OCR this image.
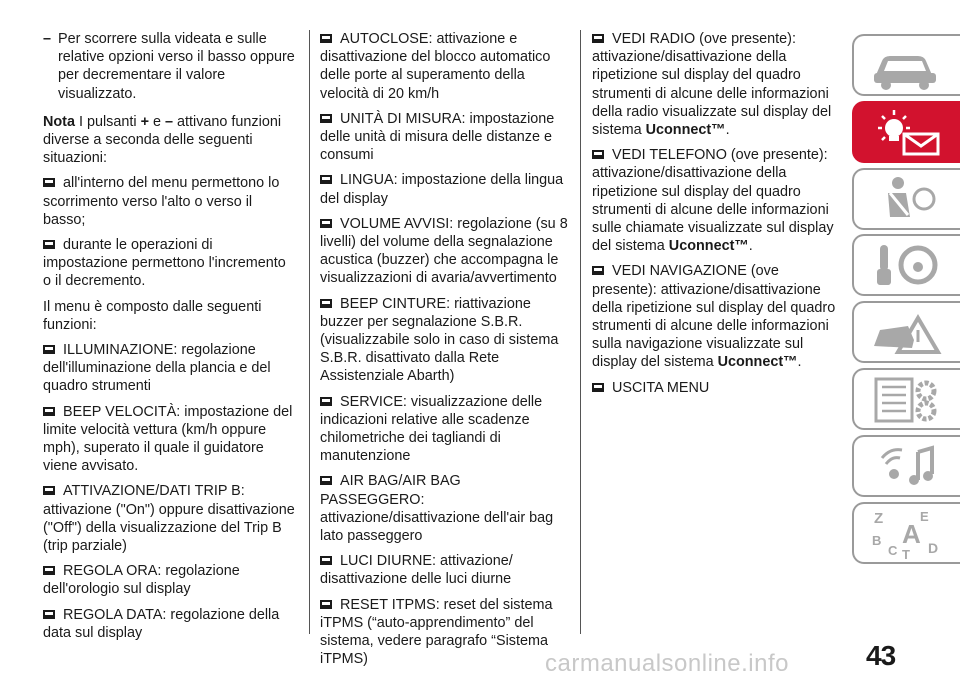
– Per scorrere sulla videata e sulle relative opzioni verso il basso oppure per decrementare il valore visualizzato.

Nota I pulsanti + e – attivano funzioni diverse a seconda delle seguenti situazioni:

all'interno del menu permettono lo scorrimento verso l'alto o verso il basso;

durante le operazioni di impostazione permettono l'incremento o il decremento.

Il menu è composto dalle seguenti funzioni:

ILLUMINAZIONE: regolazione dell'illuminazione della plancia e del quadro strumenti

BEEP VELOCITÀ: impostazione del limite velocità vettura (km/h oppure mph), superato il quale il guidatore viene avvisato.

ATTIVAZIONE/DATI TRIP B: attivazione ("On") oppure disattivazione ("Off") della visualizzazione del Trip B (trip parziale)

REGOLA ORA: regolazione dell'orologio sul display

REGOLA DATA: regolazione della data sul display

AUTOCLOSE: attivazione e disattivazione del blocco automatico delle porte al superamento della velocità di 20 km/h

UNITÀ DI MISURA: impostazione delle unità di misura delle distanze e consumi

LINGUA: impostazione della lingua del display

VOLUME AVVISI: regolazione (su 8 livelli) del volume della segnalazione acustica (buzzer) che accompagna le visualizzazioni di avaria/avvertimento

BEEP CINTURE: riattivazione buzzer per segnalazione S.B.R. (visualizzabile solo in caso di sistema S.B.R. disattivato dalla Rete Assistenziale Abarth)

SERVICE: visualizzazione delle indicazioni relative alle scadenze chilometriche dei tagliandi di manutenzione

AIR BAG/AIR BAG PASSEGGERO: attivazione/disattivazione dell'air bag lato passeggero

LUCI DIURNE: attivazione/ disattivazione delle luci diurne

RESET ITPMS: reset del sistema iTPMS (“auto-apprendimento” del sistema, vedere paragrafo “Sistema iTPMS)

VEDI RADIO (ove presente): attivazione/disattivazione della ripetizione sul display del quadro strumenti di alcune delle informazioni della radio visualizzate sul display del sistema Uconnect™.

VEDI TELEFONO (ove presente): attivazione/disattivazione della ripetizione sul display del quadro strumenti di alcune delle informazioni sulle chiamate visualizzate sul display del sistema Uconnect™.

VEDI NAVIGAZIONE (ove presente): attivazione/disattivazione della ripetizione sul display del quadro strumenti di alcune delle informazioni sulla navigazione visualizzate sul display del sistema Uconnect™.

USCITA MENU

Z	E
B A
C T D
43
carmanualsonline.info
